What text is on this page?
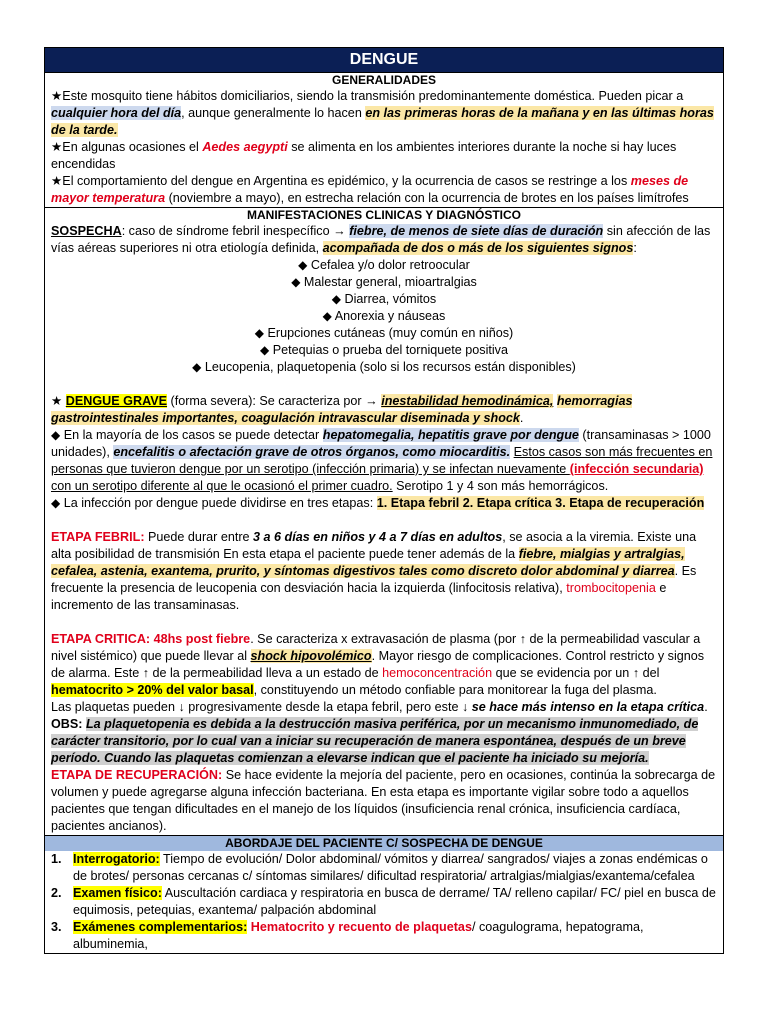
DENGUE
GENERALIDADES
★Este mosquito tiene hábitos domiciliarios, siendo la transmisión predominantemente doméstica. Pueden picar a cualquier hora del día, aunque generalmente lo hacen en las primeras horas de la mañana y en las últimas horas de la tarde.
★En algunas ocasiones el Aedes aegypti se alimenta en los ambientes interiores durante la noche si hay luces encendidas
★El comportamiento del dengue en Argentina es epidémico, y la ocurrencia de casos se restringe a los meses de mayor temperatura (noviembre a mayo), en estrecha relación con la ocurrencia de brotes en los países limítrofes
MANIFESTACIONES CLINICAS Y DIAGNÓSTICO
SOSPECHA: caso de síndrome febril inespecífico → fiebre, de menos de siete días de duración sin afección de las vías aéreas superiores ni otra etiología definida, acompañada de dos o más de los siguientes signos:
◆ Cefalea y/o dolor retroocular
◆ Malestar general, mioartralgias
◆ Diarrea, vómitos
◆ Anorexia y náuseas
◆ Erupciones cutáneas (muy común en niños)
◆ Petequias o prueba del torniquete positiva
◆ Leucopenia, plaquetopenia (solo si los recursos están disponibles)
★ DENGUE GRAVE (forma severa): Se caracteriza por → inestabilidad hemodinámica, hemorragias gastrointestinales importantes, coagulación intravascular diseminada y shock.
◆ En la mayoría de los casos se puede detectar hepatomegalia, hepatitis grave por dengue (transaminasas > 1000 unidades), encefalitis o afectación grave de otros órganos, como miocarditis. Estos casos son más frecuentes en personas que tuvieron dengue por un serotipo (infección primaria) y se infectan nuevamente (infección secundaria) con un serotipo diferente al que le ocasionó el primer cuadro. Serotipo 1 y 4 son más hemorrágicos.
◆ La infección por dengue puede dividirse en tres etapas: 1. Etapa febril 2. Etapa crítica 3. Etapa de recuperación
ETAPA FEBRIL: Puede durar entre 3 a 6 días en niños y 4 a 7 días en adultos, se asocia a la viremia. Existe una alta posibilidad de transmisión En esta etapa el paciente puede tener además de la fiebre, mialgias y artralgias, cefalea, astenia, exantema, prurito, y síntomas digestivos tales como discreto dolor abdominal y diarrea. Es frecuente la presencia de leucopenia con desviación hacia la izquierda (linfocitosis relativa), trombocitopenia e incremento de las transaminasas.
ETAPA CRITICA: 48hs post fiebre. Se caracteriza x extravasación de plasma (por ↑ de la permeabilidad vascular a nivel sistémico) que puede llevar al shock hipovolémico. Mayor riesgo de complicaciones. Control restricto y signos de alarma. Este ↑ de la permeabilidad lleva a un estado de hemoconcentración que se evidencia por un ↑ del hematocrito > 20% del valor basal, constituyendo un método confiable para monitorear la fuga del plasma.
Las plaquetas pueden ↓ progresivamente desde la etapa febril, pero este ↓ se hace más intenso en la etapa crítica.
OBS: La plaquetopenia es debida a la destrucción masiva periférica, por un mecanismo inmunomediado, de carácter transitorio, por lo cual van a iniciar su recuperación de manera espontánea, después de un breve período. Cuando las plaquetas comienzan a elevarse indican que el paciente ha iniciado su mejoría.
ETAPA DE RECUPERACIÓN: Se hace evidente la mejoría del paciente, pero en ocasiones, continúa la sobrecarga de volumen y puede agregarse alguna infección bacteriana. En esta etapa es importante vigilar sobre todo a aquellos pacientes que tengan dificultades en el manejo de los líquidos (insuficiencia renal crónica, insuficiencia cardíaca, pacientes ancianos).
ABORDAJE DEL PACIENTE C/ SOSPECHA DE DENGUE
1. Interrogatorio: Tiempo de evolución/ Dolor abdominal/ vómitos y diarrea/ sangrados/ viajes a zonas endémicas o de brotes/ personas cercanas c/ síntomas similares/ dificultad respiratoria/ artralgias/mialgias/exantema/cefalea
2. Examen físico: Auscultación cardiaca y respiratoria en busca de derrame/ TA/ relleno capilar/ FC/ piel en busca de equimosis, petequias, exantema/ palpación abdominal
3. Exámenes complementarios: Hematocrito y recuento de plaquetas/ coagulograma, hepatograma, albuminemia,
